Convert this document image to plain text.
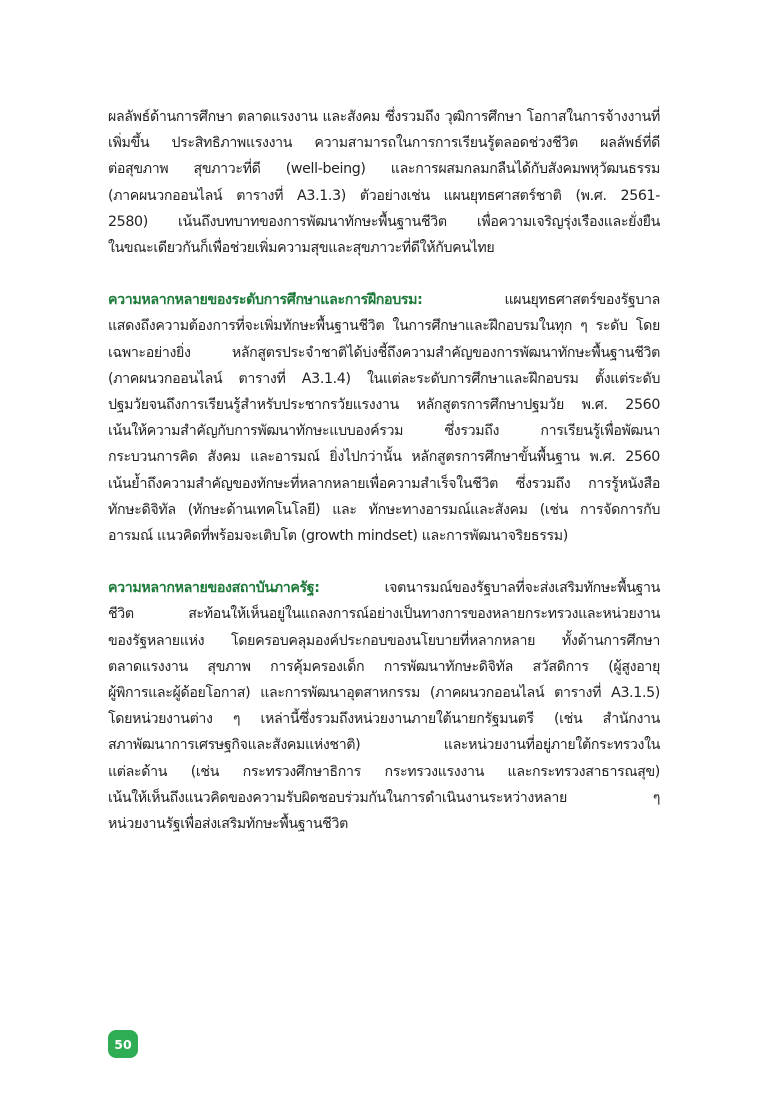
ผลลัพธ์ด้านการศึกษา ตลาดแรงงาน และสังคม ซึ่งรวมถึง วุฒิการศึกษา โอกาสในการจ้างงานที่
เพิ่มขึ้น ประสิทธิภาพแรงงาน ความสามารถในการการเรียนรู้ตลอดช่วงชีวิต ผลลัพธ์ที่ดี
ต่อสุขภาพ สุขภาวะที่ดี (well-being) และการผสมกลมกลืนได้กับสังคมพหุวัฒนธรรม
(ภาคผนวกออนไลน์ ตารางที่ A3.1.3) ตัวอย่างเช่น แผนยุทธศาสตร์ชาติ (พ.ศ. 2561-
2580) เน้นถึงบทบาทของการพัฒนาทักษะพื้นฐานชีวิต เพื่อความเจริญรุ่งเรืองและยั่งยืน
ในขณะเดียวกันก็เพื่อช่วยเพิ่มความสุขและสุขภาวะที่ดีให้กับคนไทย

ความหลากหลายของระดับการศึกษาและการฝึกอบรม: แผนยุทธศาสตร์ของรัฐบาล
แสดงถึงความต้องการที่จะเพิ่มทักษะพื้นฐานชีวิต ในการศึกษาและฝึกอบรมในทุก ๆ ระดับ โดย
เฉพาะอย่างยิ่ง หลักสูตรประจำชาติได้บ่งชี้ถึงความสำคัญของการพัฒนาทักษะพื้นฐานชีวิต
(ภาคผนวกออนไลน์ ตารางที่ A3.1.4) ในแต่ละระดับการศึกษาและฝึกอบรม ตั้งแต่ระดับ
ปฐมวัยจนถึงการเรียนรู้สำหรับประชากรวัยแรงงาน หลักสูตรการศึกษาปฐมวัย พ.ศ. 2560
เน้นให้ความสำคัญกับการพัฒนาทักษะแบบองค์รวม ซึ่งรวมถึง การเรียนรู้เพื่อพัฒนา
กระบวนการคิด สังคม และอารมณ์ ยิ่งไปกว่านั้น หลักสูตรการศึกษาขั้นพื้นฐาน พ.ศ. 2560
เน้นย้ำถึงความสำคัญของทักษะที่หลากหลายเพื่อความสำเร็จในชีวิต ซึ่งรวมถึง การรู้หนังสือ
ทักษะดิจิทัล (ทักษะด้านเทคโนโลยี) และ ทักษะทางอารมณ์และสังคม (เช่น การจัดการกับ
อารมณ์ แนวคิดที่พร้อมจะเติบโต (growth mindset) และการพัฒนาจริยธรรม)

ความหลากหลายของสถาบันภาครัฐ: เจตนารมณ์ของรัฐบาลที่จะส่งเสริมทักษะพื้นฐาน
ชีวิต สะท้อนให้เห็นอยู่ในแถลงการณ์อย่างเป็นทางการของหลายกระทรวงและหน่วยงาน
ของรัฐหลายแห่ง โดยครอบคลุมองค์ประกอบของนโยบายที่หลากหลาย ทั้งด้านการศึกษา
ตลาดแรงงาน สุขภาพ การคุ้มครองเด็ก การพัฒนาทักษะดิจิทัล สวัสดิการ (ผู้สูงอายุ
ผู้พิการและผู้ด้อยโอกาส) และการพัฒนาอุตสาหกรรม (ภาคผนวกออนไลน์ ตารางที่ A3.1.5)
โดยหน่วยงานต่าง ๆ เหล่านี้ซึ่งรวมถึงหน่วยงานภายใต้นายกรัฐมนตรี (เช่น สำนักงาน
สภาพัฒนาการเศรษฐกิจและสังคมแห่งชาติ) และหน่วยงานที่อยู่ภายใต้กระทรวงใน
แต่ละด้าน (เช่น กระทรวงศึกษาธิการ กระทรวงแรงงาน และกระทรวงสาธารณสุข)
เน้นให้เห็นถึงแนวคิดของความรับผิดชอบร่วมกันในการดำเนินงานระหว่างหลาย ๆ
หน่วยงานรัฐเพื่อส่งเสริมทักษะพื้นฐานชีวิต

50
